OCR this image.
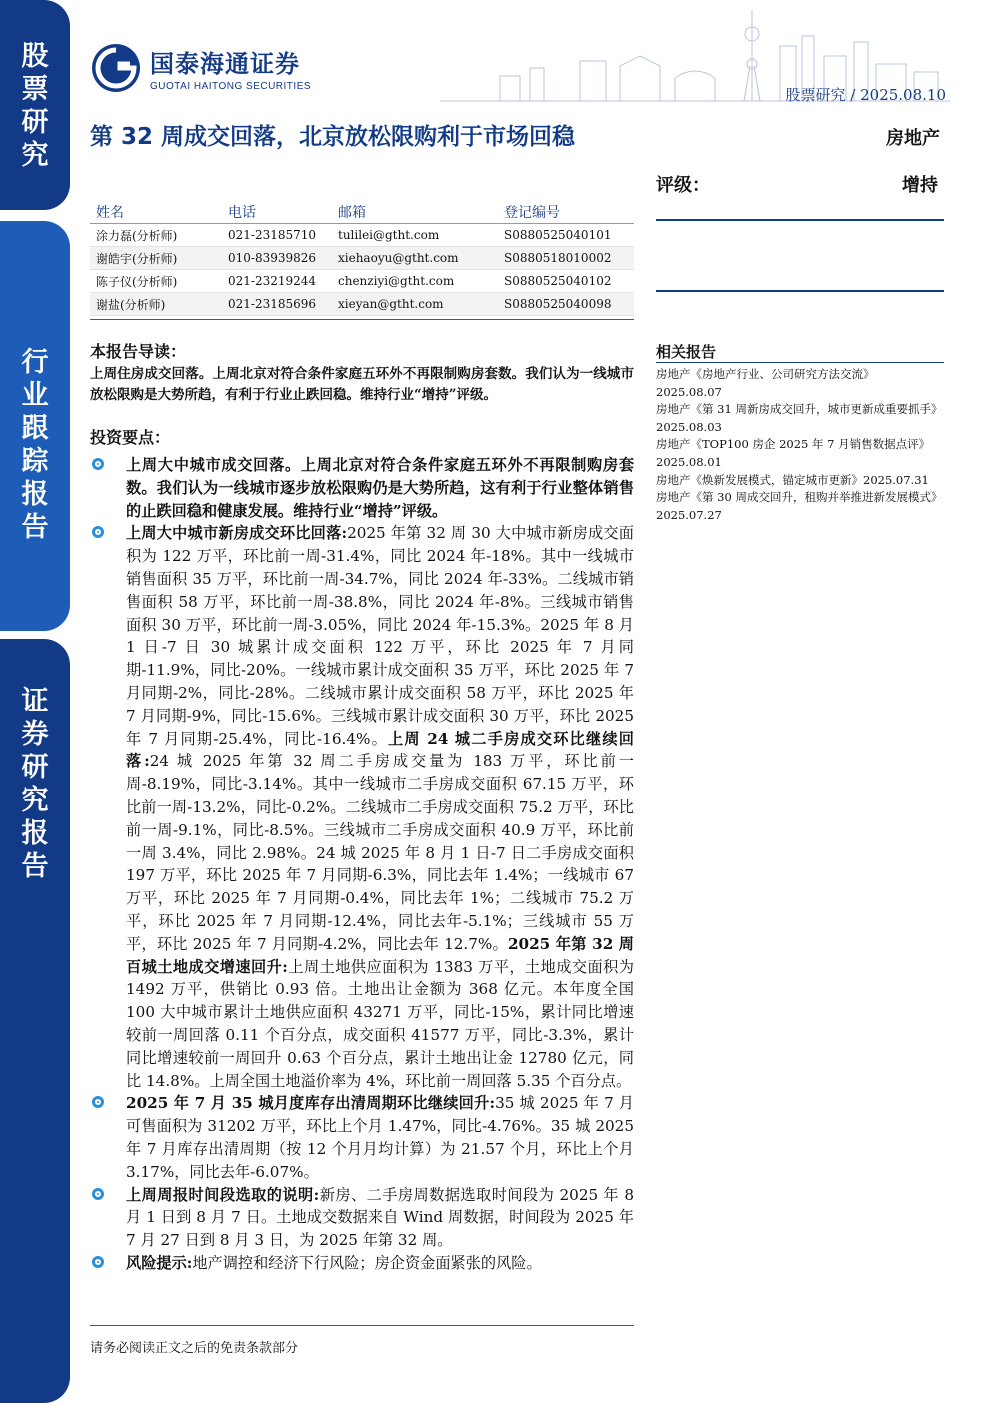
股
票
研
究
行
业
跟
踪
报
告
证
券
研
究
报
告
国泰海通证券
GUOTAI HAITONG SECURITIES	股票研究 / 2025.08.10
第 32 周成交回落，北京放松限购利于市场回稳	房地产
评级：	增持
姓名	电话	邮箱	登记编号
涂力磊(分析师)	021-23185710	tulilei@gtht.com	S0880525040101
谢皓宇(分析师)	010-83939826	xiehaoyu@gtht.com	S0880518010002
陈子仪(分析师)	021-23219244	chenziyi@gtht.com	S0880525040102
谢盐(分析师)	021-23185696	xieyan@gtht.com	S0880525040098
本报告导读：
上周住房成交回落。上周北京对符合条件家庭五环外不再限制购房套数。我们认为一线城市放松限购是大势所趋，有利于行业止跌回稳。维持行业“增持”评级。
投资要点：
上周大中城市成交回落。上周北京对符合条件家庭五环外不再限制购房套数。我们认为一线城市逐步放松限购仍是大势所趋，这有利于行业整体销售的止跌回稳和健康发展。维持行业“增持”评级。
上周大中城市新房成交环比回落:2025 年第 32 周 30 大中城市新房成交面积为 122 万平，环比前一周-31.4%，同比 2024 年-18%。其中一线城市销售面积 35 万平，环比前一周-34.7%，同比 2024 年-33%。二线城市销售面积 58 万平，环比前一周-38.8%，同比 2024 年-8%。三线城市销售面积 30 万平，环比前一周-3.05%，同比 2024 年-15.3%。2025 年 8 月 1 日-7 日 30 城累计成交面积 122 万平，环比 2025 年 7 月同期-11.9%，同比-20%。一线城市累计成交面积 35 万平，环比 2025 年 7 月同期-2%，同比-28%。二线城市累计成交面积 58 万平，环比 2025 年 7 月同期-9%，同比-15.6%。三线城市累计成交面积 30 万平，环比 2025 年 7 月同期-25.4%，同比-16.4%。上周 24 城二手房成交环比继续回落:24 城 2025 年第 32 周二手房成交量为 183 万平，环比前一周-8.19%，同比-3.14%。其中一线城市二手房成交面积 67.15 万平，环比前一周-13.2%，同比-0.2%。二线城市二手房成交面积 75.2 万平，环比前一周-9.1%，同比-8.5%。三线城市二手房成交面积 40.9 万平，环比前一周 3.4%，同比 2.98%。24 城 2025 年 8 月 1 日-7 日二手房成交面积 197 万平，环比 2025 年 7 月同期-6.3%，同比去年 1.4%；一线城市 67 万平，环比 2025 年 7 月同期-0.4%，同比去年 1%；二线城市 75.2 万平，环比 2025 年 7 月同期-12.4%，同比去年-5.1%；三线城市 55 万平，环比 2025 年 7 月同期-4.2%，同比去年 12.7%。2025 年第 32 周百城土地成交增速回升:上周土地供应面积为 1383 万平，土地成交面积为 1492 万平，供销比 0.93 倍。土地出让金额为 368 亿元。本年度全国 100 大中城市累计土地供应面积 43271 万平，同比-15%，累计同比增速较前一周回落 0.11 个百分点，成交面积 41577 万平，同比-3.3%，累计同比增速较前一周回升 0.63 个百分点，累计土地出让金 12780 亿元，同比 14.8%。上周全国土地溢价率为 4%，环比前一周回落 5.35 个百分点。
2025 年 7 月 35 城月度库存出清周期环比继续回升:35 城 2025 年 7 月可售面积为 31202 万平，环比上个月 1.47%，同比-4.76%。35 城 2025 年 7 月库存出清周期（按 12 个月月均计算）为 21.57 个月，环比上个月 3.17%，同比去年-6.07%。
上周周报时间段选取的说明:新房、二手房周数据选取时间段为 2025 年 8 月 1 日到 8 月 7 日。土地成交数据来自 Wind 周数据，时间段为 2025 年 7 月 27 日到 8 月 3 日，为 2025 年第 32 周。
风险提示:地产调控和经济下行风险；房企资金面紧张的风险。
相关报告
房地产《房地产行业、公司研究方法交流》
2025.08.07
房地产《第 31 周新房成交回升，城市更新成重要抓手》2025.08.03
房地产《TOP100 房企 2025 年 7 月销售数据点评》
2025.08.01
房地产《焕新发展模式，锚定城市更新》2025.07.31
房地产《第 30 周成交回升，租购并举推进新发展模式》2025.07.27
请务必阅读正文之后的免责条款部分
